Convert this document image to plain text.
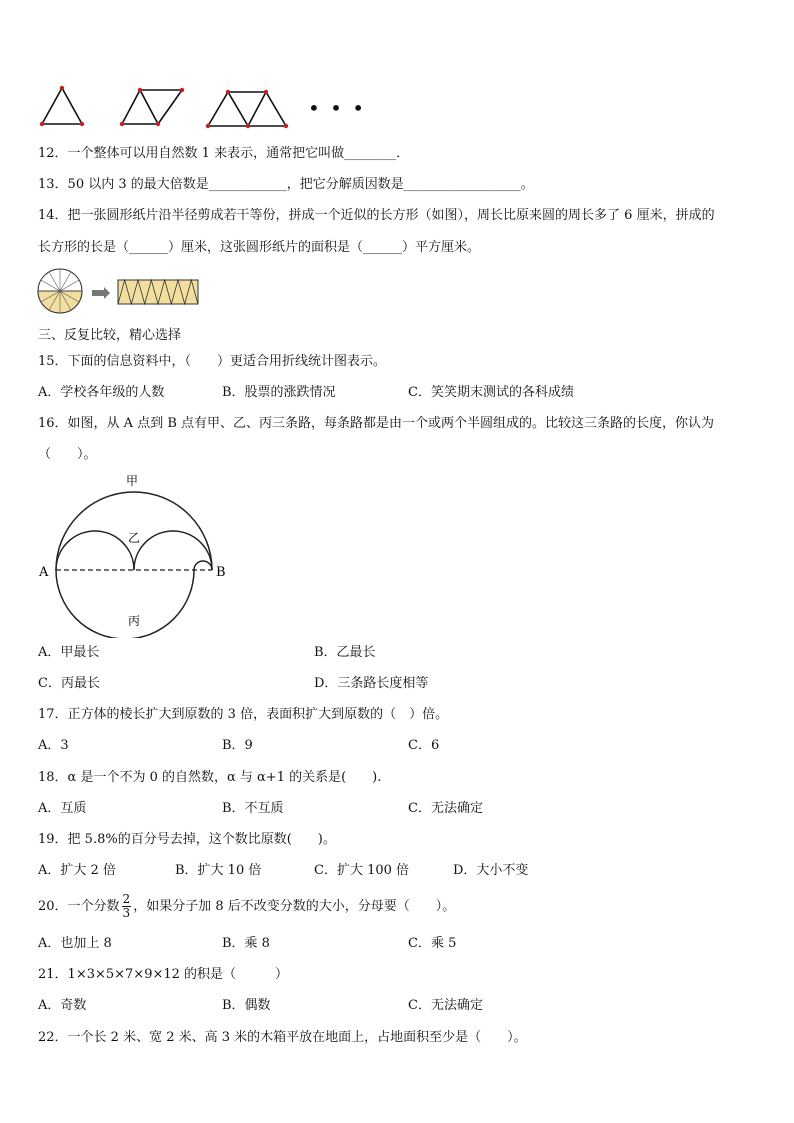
• • •
12．一个整体可以用自然数 1 来表示，通常把它叫做________．
13．50 以内 3 的最大倍数是____________，把它分解质因数是__________________。
14．把一张圆形纸片沿半径剪成若干等份，拼成一个近似的长方形（如图），周长比原来圆的周长多了 6 厘米，拼成的
长方形的长是（______）厘米，这张圆形纸片的面积是（______）平方厘米。
三、反复比较，精心选择
15．下面的信息资料中，（　　）更适合用折线统计图表示。
A．学校各年级的人数	B．股票的涨跌情况	C．笑笑期末测试的各科成绩
16．如图，从 A 点到 B 点有甲、乙、丙三条路，每条路都是由一个或两个半圆组成的。比较这三条路的长度，你认为
（　　）。
A	B
甲
乙
丙
A．甲最长	B．乙最长
C．丙最长	D．三条路长度相等
17．正方体的棱长扩大到原数的 3 倍，表面积扩大到原数的（　）倍。
A．3	B．9	C．6
18．α 是一个不为 0 的自然数，α 与 α+1 的关系是(　　).
A．互质	B．不互质	C．无法确定
19．把 5.8%的百分号去掉，这个数比原数(　　)。
A．扩大 2 倍	B．扩大 10 倍	C．扩大 100 倍	D．大小不变
20．一个分数 $\frac{2}{3}$ ，如果分子加 8 后不改变分数的大小，分母要（　　）。
A．也加上 8	B．乘 8	C．乘 5
21．1×3×5×7×9×12 的积是（　　　）
A．奇数	B．偶数	C．无法确定
22．一个长 2 米、宽 2 米、高 3 米的木箱平放在地面上，占地面积至少是（　　）。
